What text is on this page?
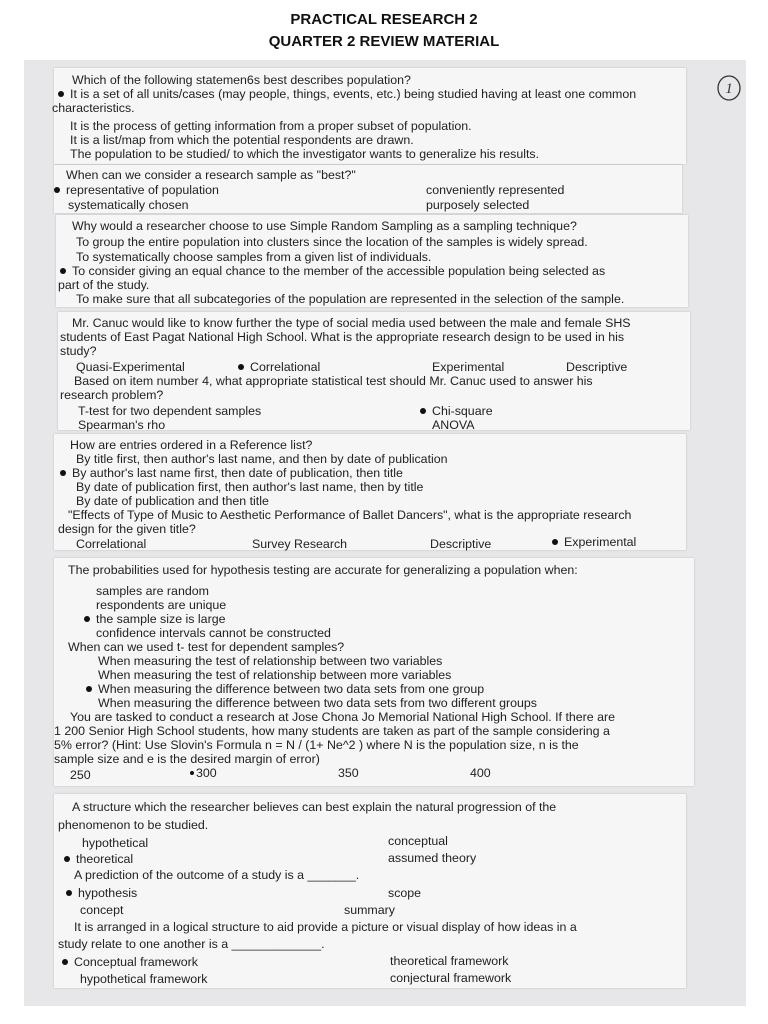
PRACTICAL RESEARCH 2
QUARTER 2 REVIEW MATERIAL
1
Which of the following statemen6s best describes population?
It is a set of all units/cases (may people, things, events, etc.) being studied having at least one common
characteristics.
It is the process of getting information from a proper subset of population.
It is a list/map from which the potential respondents are drawn.
The population to be studied/ to which the investigator wants to generalize his results.
When can we consider a research sample as "best?"
representative of population	conveniently represented
systematically chosen	purposely selected
Why would a researcher choose to use Simple Random Sampling as a sampling technique?
To group the entire population into clusters since the location of the samples is widely spread.
To systematically choose samples from a given list of individuals.
To consider giving an equal chance to the member of the accessible population being selected as
part of the study.
To make sure that all subcategories of the population are represented in the selection of the sample.
Mr. Canuc would like to know further the type of social media used between the male and female SHS
students of East Pagat National High School. What is the appropriate research design to be used in his
study?
Quasi-Experimental	Correlational	Experimental	Descriptive
Based on item number 4, what appropriate statistical test should Mr. Canuc used to answer his
research problem?
T-test for two dependent samples	Chi-square
Spearman's rho	ANOVA
How are entries ordered in a Reference list?
By title first, then author's last name, and then by date of publication
By author's last name first, then date of publication, then title
By date of publication first, then author's last name, then by title
By date of publication and then title
"Effects of Type of Music to Aesthetic Performance of Ballet Dancers", what is the appropriate research
design for the given title?
Correlational	Survey Research	Descriptive	Experimental
The probabilities used for hypothesis testing are accurate for generalizing a population when:
samples are random
respondents are unique
the sample size is large
confidence intervals cannot be constructed
When can we used t- test for dependent samples?
When measuring the test of relationship between two variables
When measuring the test of relationship between more variables
When measuring the difference between two data sets from one group
When measuring the difference between two data sets from two different groups
You are tasked to conduct a research at Jose Chona Jo Memorial National High School. If there are
1 200 Senior High School students, how many students are taken as part of the sample considering a
5% error? (Hint: Use Slovin's Formula n = N / (1+ Ne^2 ) where N is the population size, n is the
sample size and e is the desired margin of error)
250	300	350	400
A structure which the researcher believes can best explain the natural progression of the
phenomenon to be studied.
hypothetical	conceptual
theoretical	assumed theory
A prediction of the outcome of a study is a _______.
hypothesis	scope
concept	summary
It is arranged in a logical structure to aid provide a picture or visual display of how ideas in a
study relate to one another is a _____________.
Conceptual framework	theoretical framework
hypothetical framework	conjectural framework
